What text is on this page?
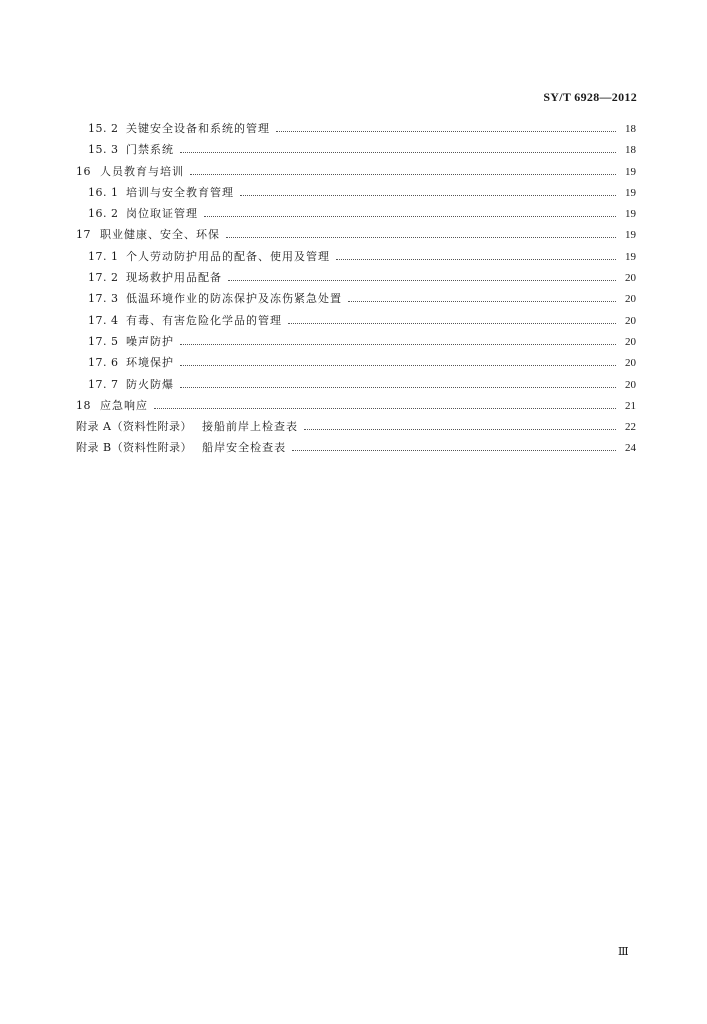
SY/T 6928—2012
15. 2 关键安全设备和系统的管理	18
15. 3 门禁系统	18
16 人员教育与培训	19
16. 1 培训与安全教育管理	19
16. 2 岗位取证管理	19
17 职业健康、安全、环保	19
17. 1 个人劳动防护用品的配备、使用及管理	19
17. 2 现场救护用品配备	20
17. 3 低温环境作业的防冻保护及冻伤紧急处置	20
17. 4 有毒、有害危险化学品的管理	20
17. 5 噪声防护	20
17. 6 环境保护	20
17. 7 防火防爆	20
18 应急响应	21
附录 A（资料性附录） 接船前岸上检查表	22
附录 B（资料性附录） 船岸安全检查表	24
Ⅲ
